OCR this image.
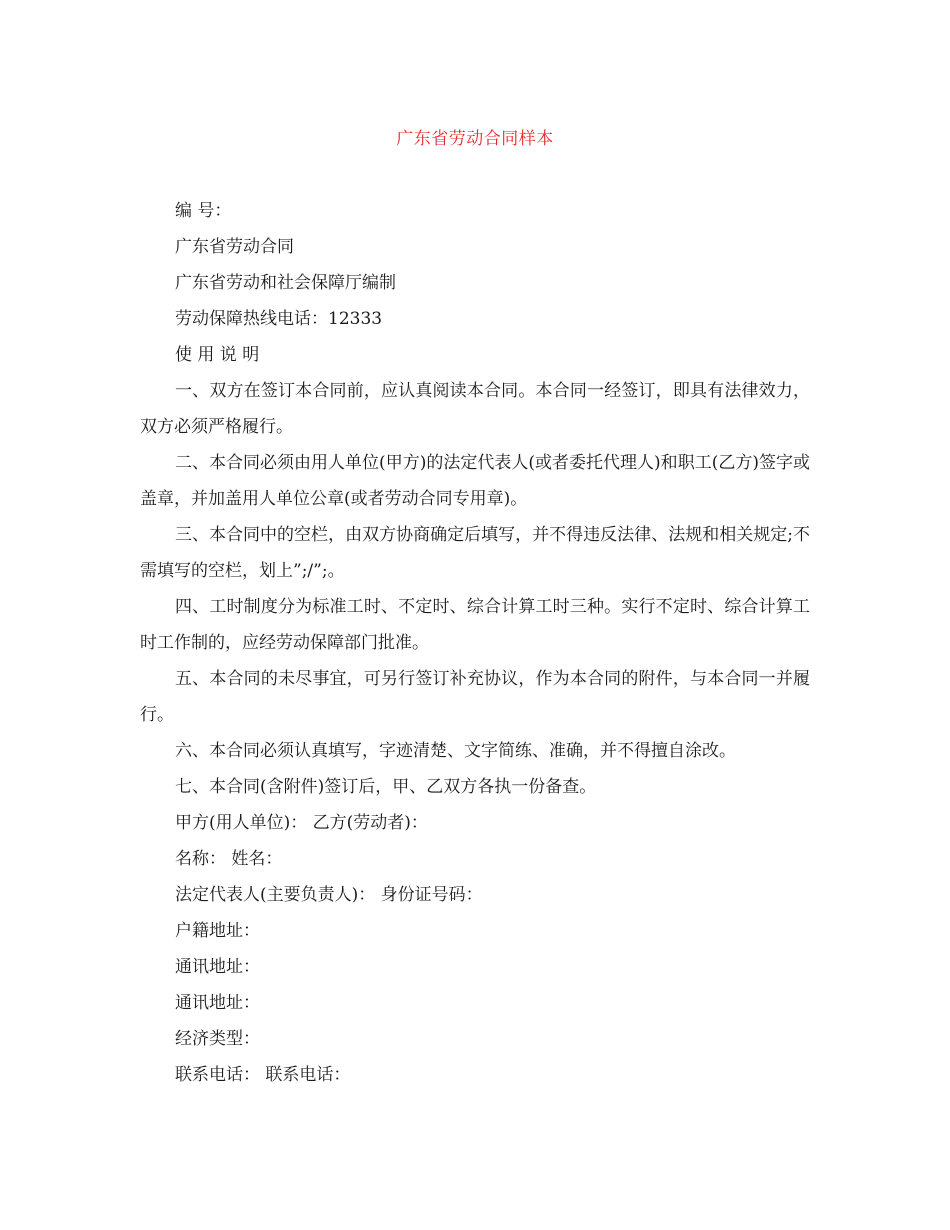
广东省劳动合同样本

编 号：

广东省劳动合同

广东省劳动和社会保障厅编制

劳动保障热线电话：12333

使 用 说 明

一、双方在签订本合同前，应认真阅读本合同。本合同一经签订，即具有法律效力，双方必须严格履行。

二、本合同必须由用人单位(甲方)的法定代表人(或者委托代理人)和职工(乙方)签字或盖章，并加盖用人单位公章(或者劳动合同专用章)。

三、本合同中的空栏，由双方协商确定后填写，并不得违反法律、法规和相关规定;不需填写的空栏，划上”;/”;。

四、工时制度分为标准工时、不定时、综合计算工时三种。实行不定时、综合计算工时工作制的，应经劳动保障部门批准。

五、本合同的未尽事宜，可另行签订补充协议，作为本合同的附件，与本合同一并履行。

六、本合同必须认真填写，字迹清楚、文字简练、准确，并不得擅自涂改。

七、本合同(含附件)签订后，甲、乙双方各执一份备查。

甲方(用人单位)： 乙方(劳动者)：

名称： 姓名：

法定代表人(主要负责人)： 身份证号码：

户籍地址：

通讯地址：

通讯地址：

经济类型：

联系电话： 联系电话：
